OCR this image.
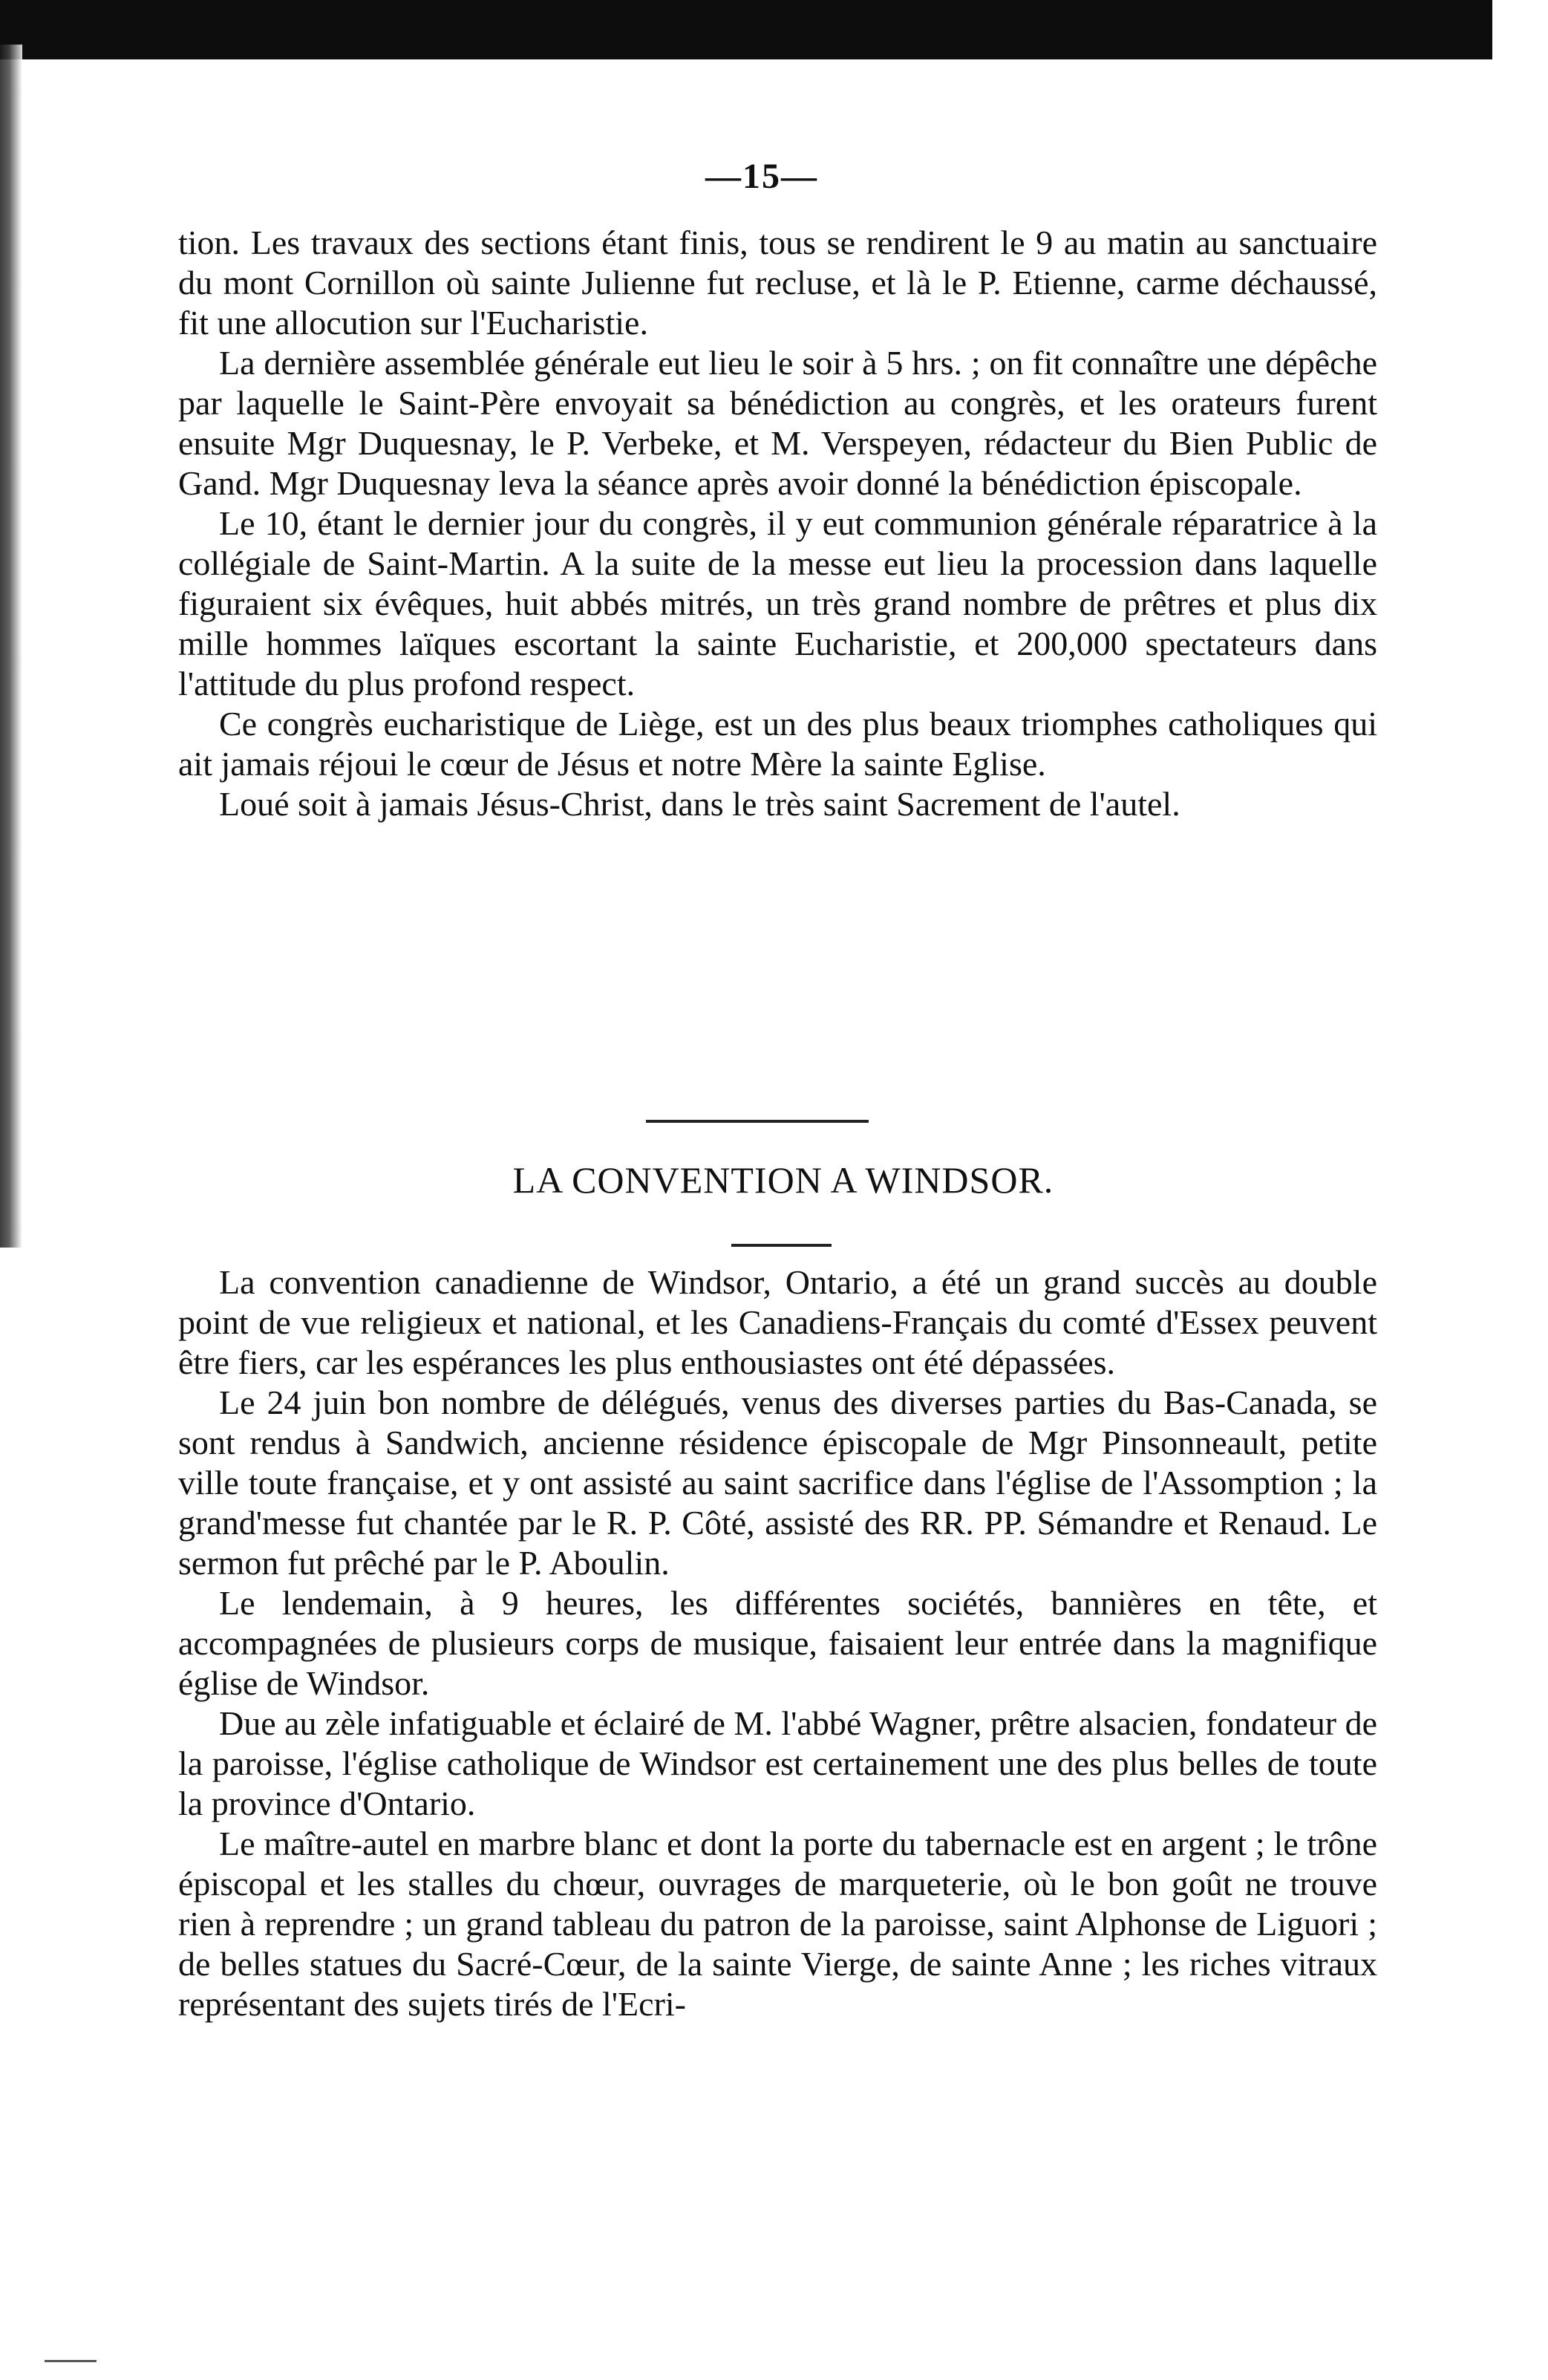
—15—

tion. Les travaux des sections étant finis, tous se rendirent le 9 au matin au sanctuaire du mont Cornillon où sainte Julienne fut recluse, et là le P. Etienne, carme déchaussé, fit une allocution sur l'Eucharistie.

La dernière assemblée générale eut lieu le soir à 5 hrs. ; on fit connaître une dépêche par laquelle le Saint-Père envoyait sa bénédiction au congrès, et les orateurs furent ensuite Mgr Duquesnay, le P. Verbeke, et M. Verspeyen, rédacteur du Bien Public de Gand. Mgr Duquesnay leva la séance après avoir donné la bénédiction épiscopale.

Le 10, étant le dernier jour du congrès, il y eut communion générale réparatrice à la collégiale de Saint-Martin. A la suite de la messe eut lieu la procession dans laquelle figuraient six évêques, huit abbés mitrés, un très grand nombre de prêtres et plus dix mille hommes laïques escortant la sainte Eucharistie, et 200,000 spectateurs dans l'attitude du plus profond respect.

Ce congrès eucharistique de Liège, est un des plus beaux triomphes catholiques qui ait jamais réjoui le cœur de Jésus et notre Mère la sainte Eglise.

Loué soit à jamais Jésus-Christ, dans le très saint Sacrement de l'autel.

LA CONVENTION A WINDSOR.

La convention canadienne de Windsor, Ontario, a été un grand succès au double point de vue religieux et national, et les Canadiens-Français du comté d'Essex peuvent être fiers, car les espérances les plus enthousiastes ont été dépassées.

Le 24 juin bon nombre de délégués, venus des diverses parties du Bas-Canada, se sont rendus à Sandwich, ancienne résidence épiscopale de Mgr Pinsonneault, petite ville toute française, et y ont assisté au saint sacrifice dans l'église de l'Assomption ; la grand'messe fut chantée par le R. P. Côté, assisté des RR. PP. Sémandre et Renaud. Le sermon fut prêché par le P. Aboulin.

Le lendemain, à 9 heures, les différentes sociétés, bannières en tête, et accompagnées de plusieurs corps de musique, faisaient leur entrée dans la magnifique église de Windsor.

Due au zèle infatiguable et éclairé de M. l'abbé Wagner, prêtre alsacien, fondateur de la paroisse, l'église catholique de Windsor est certainement une des plus belles de toute la province d'Ontario.

Le maître-autel en marbre blanc et dont la porte du tabernacle est en argent ; le trône épiscopal et les stalles du chœur, ouvrages de marqueterie, où le bon goût ne trouve rien à reprendre ; un grand tableau du patron de la paroisse, saint Alphonse de Liguori ; de belles statues du Sacré-Cœur, de la sainte Vierge, de sainte Anne ; les riches vitraux représentant des sujets tirés de l'Ecri-
